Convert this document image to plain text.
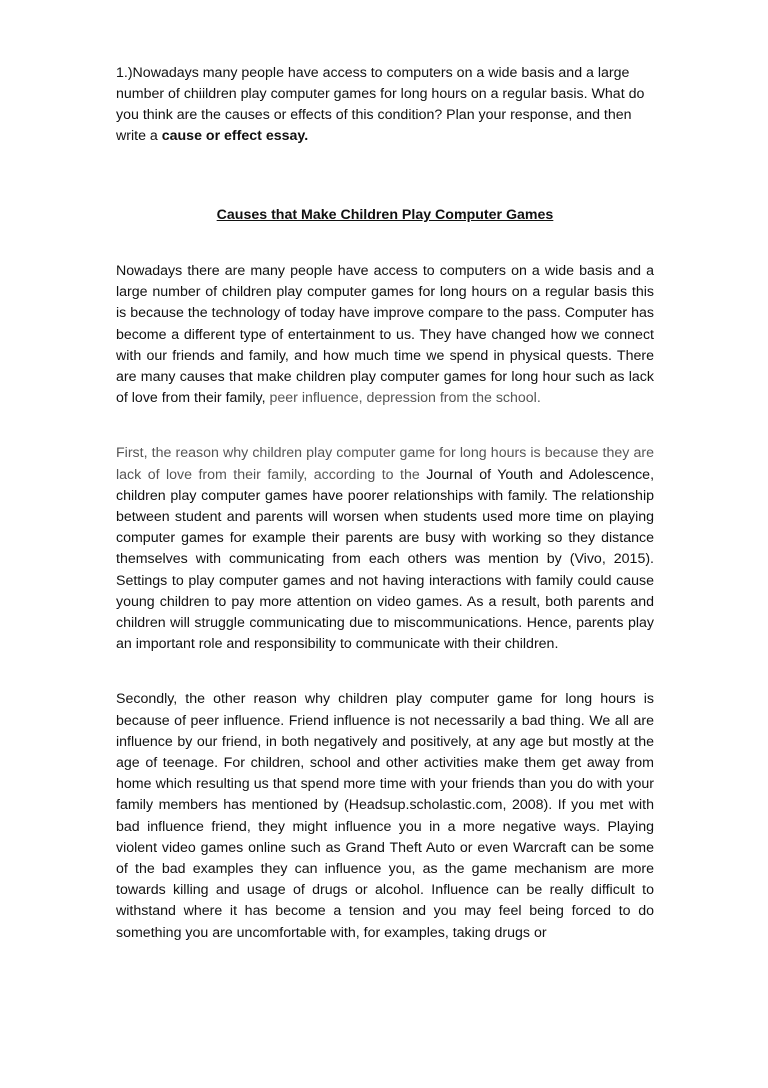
1.)Nowadays many people have access to computers on a wide basis and a large number of chiildren play computer games for long hours on a regular basis. What do you think are the causes or effects of this condition? Plan your response, and then write a cause or effect essay.

Causes that Make Children Play Computer Games

Nowadays there are many people have access to computers on a wide basis and a large number of children play computer games for long hours on a regular basis this is because the technology of today have improve compare to the pass. Computer has become a different type of entertainment to us. They have changed how we connect with our friends and family, and how much time we spend in physical quests. There are many causes that make children play computer games for long hour such as lack of love from their family, peer influence, depression from the school.

First, the reason why children play computer game for long hours is because they are lack of love from their family, according to the Journal of Youth and Adolescence, children play computer games have poorer relationships with family. The relationship between student and parents will worsen when students used more time on playing computer games for example their parents are busy with working so they distance themselves with communicating from each others was mention by (Vivo, 2015). Settings to play computer games and not having interactions with family could cause young children to pay more attention on video games. As a result, both parents and children will struggle communicating due to miscommunications. Hence, parents play an important role and responsibility to communicate with their children.

Secondly, the other reason why children play computer game for long hours is because of peer influence. Friend influence is not necessarily a bad thing. We all are influence by our friend, in both negatively and positively, at any age but mostly at the age of teenage. For children, school and other activities make them get away from home which resulting us that spend more time with your friends than you do with your family members has mentioned by (Headsup.scholastic.com, 2008). If you met with bad influence friend, they might influence you in a more negative ways. Playing violent video games online such as Grand Theft Auto or even Warcraft can be some of the bad examples they can influence you, as the game mechanism are more towards killing and usage of drugs or alcohol. Influence can be really difficult to withstand where it has become a tension and you may feel being forced to do something you are uncomfortable with, for examples, taking drugs or
